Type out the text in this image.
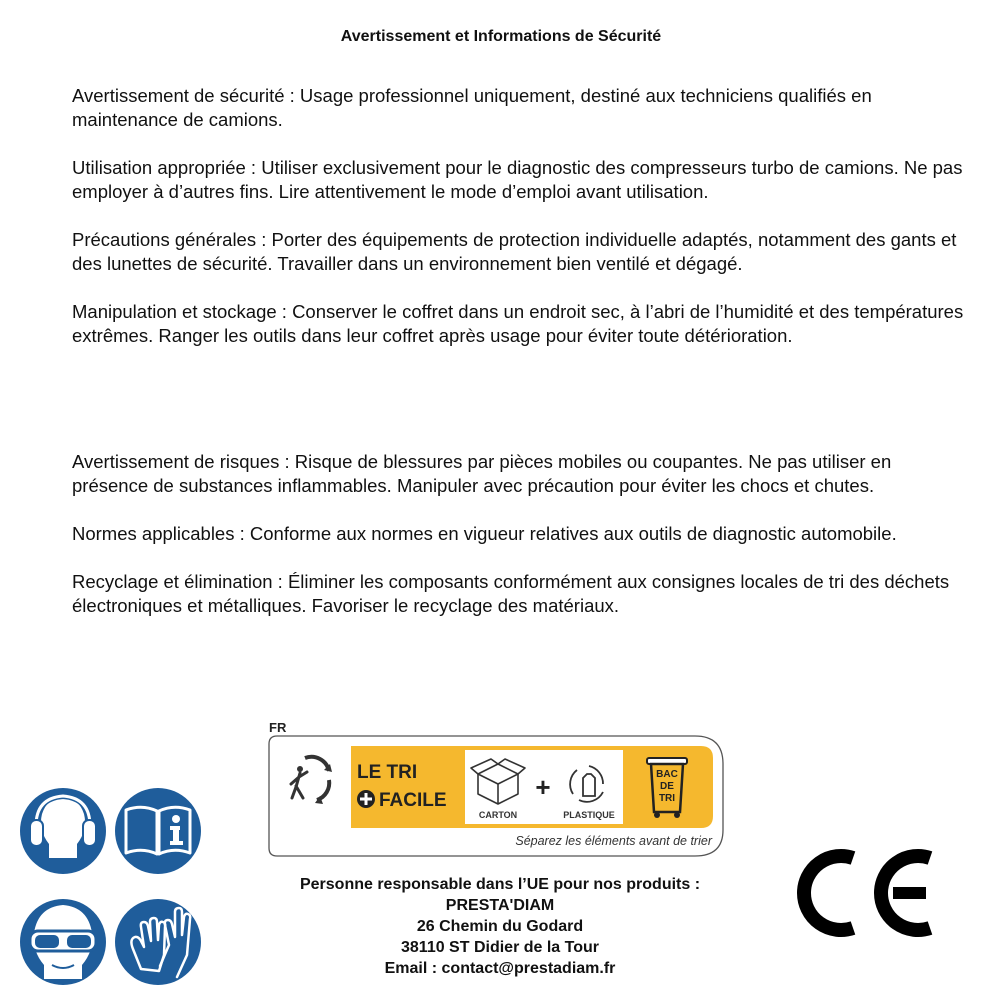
Avertissement et Informations de Sécurité

Avertissement de sécurité : Usage professionnel uniquement, destiné aux techniciens qualifiés en maintenance de camions.

Utilisation appropriée : Utiliser exclusivement pour le diagnostic des compresseurs turbo de camions. Ne pas employer à d’autres fins. Lire attentivement le mode d’emploi avant utilisation.

Précautions générales : Porter des équipements de protection individuelle adaptés, notamment des gants et des lunettes de sécurité. Travailler dans un environnement bien ventilé et dégagé.

Manipulation et stockage : Conserver le coffret dans un endroit sec, à l’abri de l’humidité et des températures extrêmes. Ranger les outils dans leur coffret après usage pour éviter toute détérioration.

Avertissement de risques : Risque de blessures par pièces mobiles ou coupantes. Ne pas utiliser en présence de substances inflammables. Manipuler avec précaution pour éviter les chocs et chutes.

Normes applicables : Conforme aux normes en vigueur relatives aux outils de diagnostic automobile.

Recyclage et élimination : Éliminer les composants conformément aux consignes locales de tri des déchets électroniques et métalliques. Favoriser le recyclage des matériaux.

FR
LE TRI
FACILE
CARTON
+
PLASTIQUE
BAC
DE
TRI
Séparez les éléments avant de trier
Personne responsable dans l’UE pour nos produits :
PRESTA'DIAM
26 Chemin du Godard
38110 ST Didier de la Tour
Email : contact@prestadiam.fr
